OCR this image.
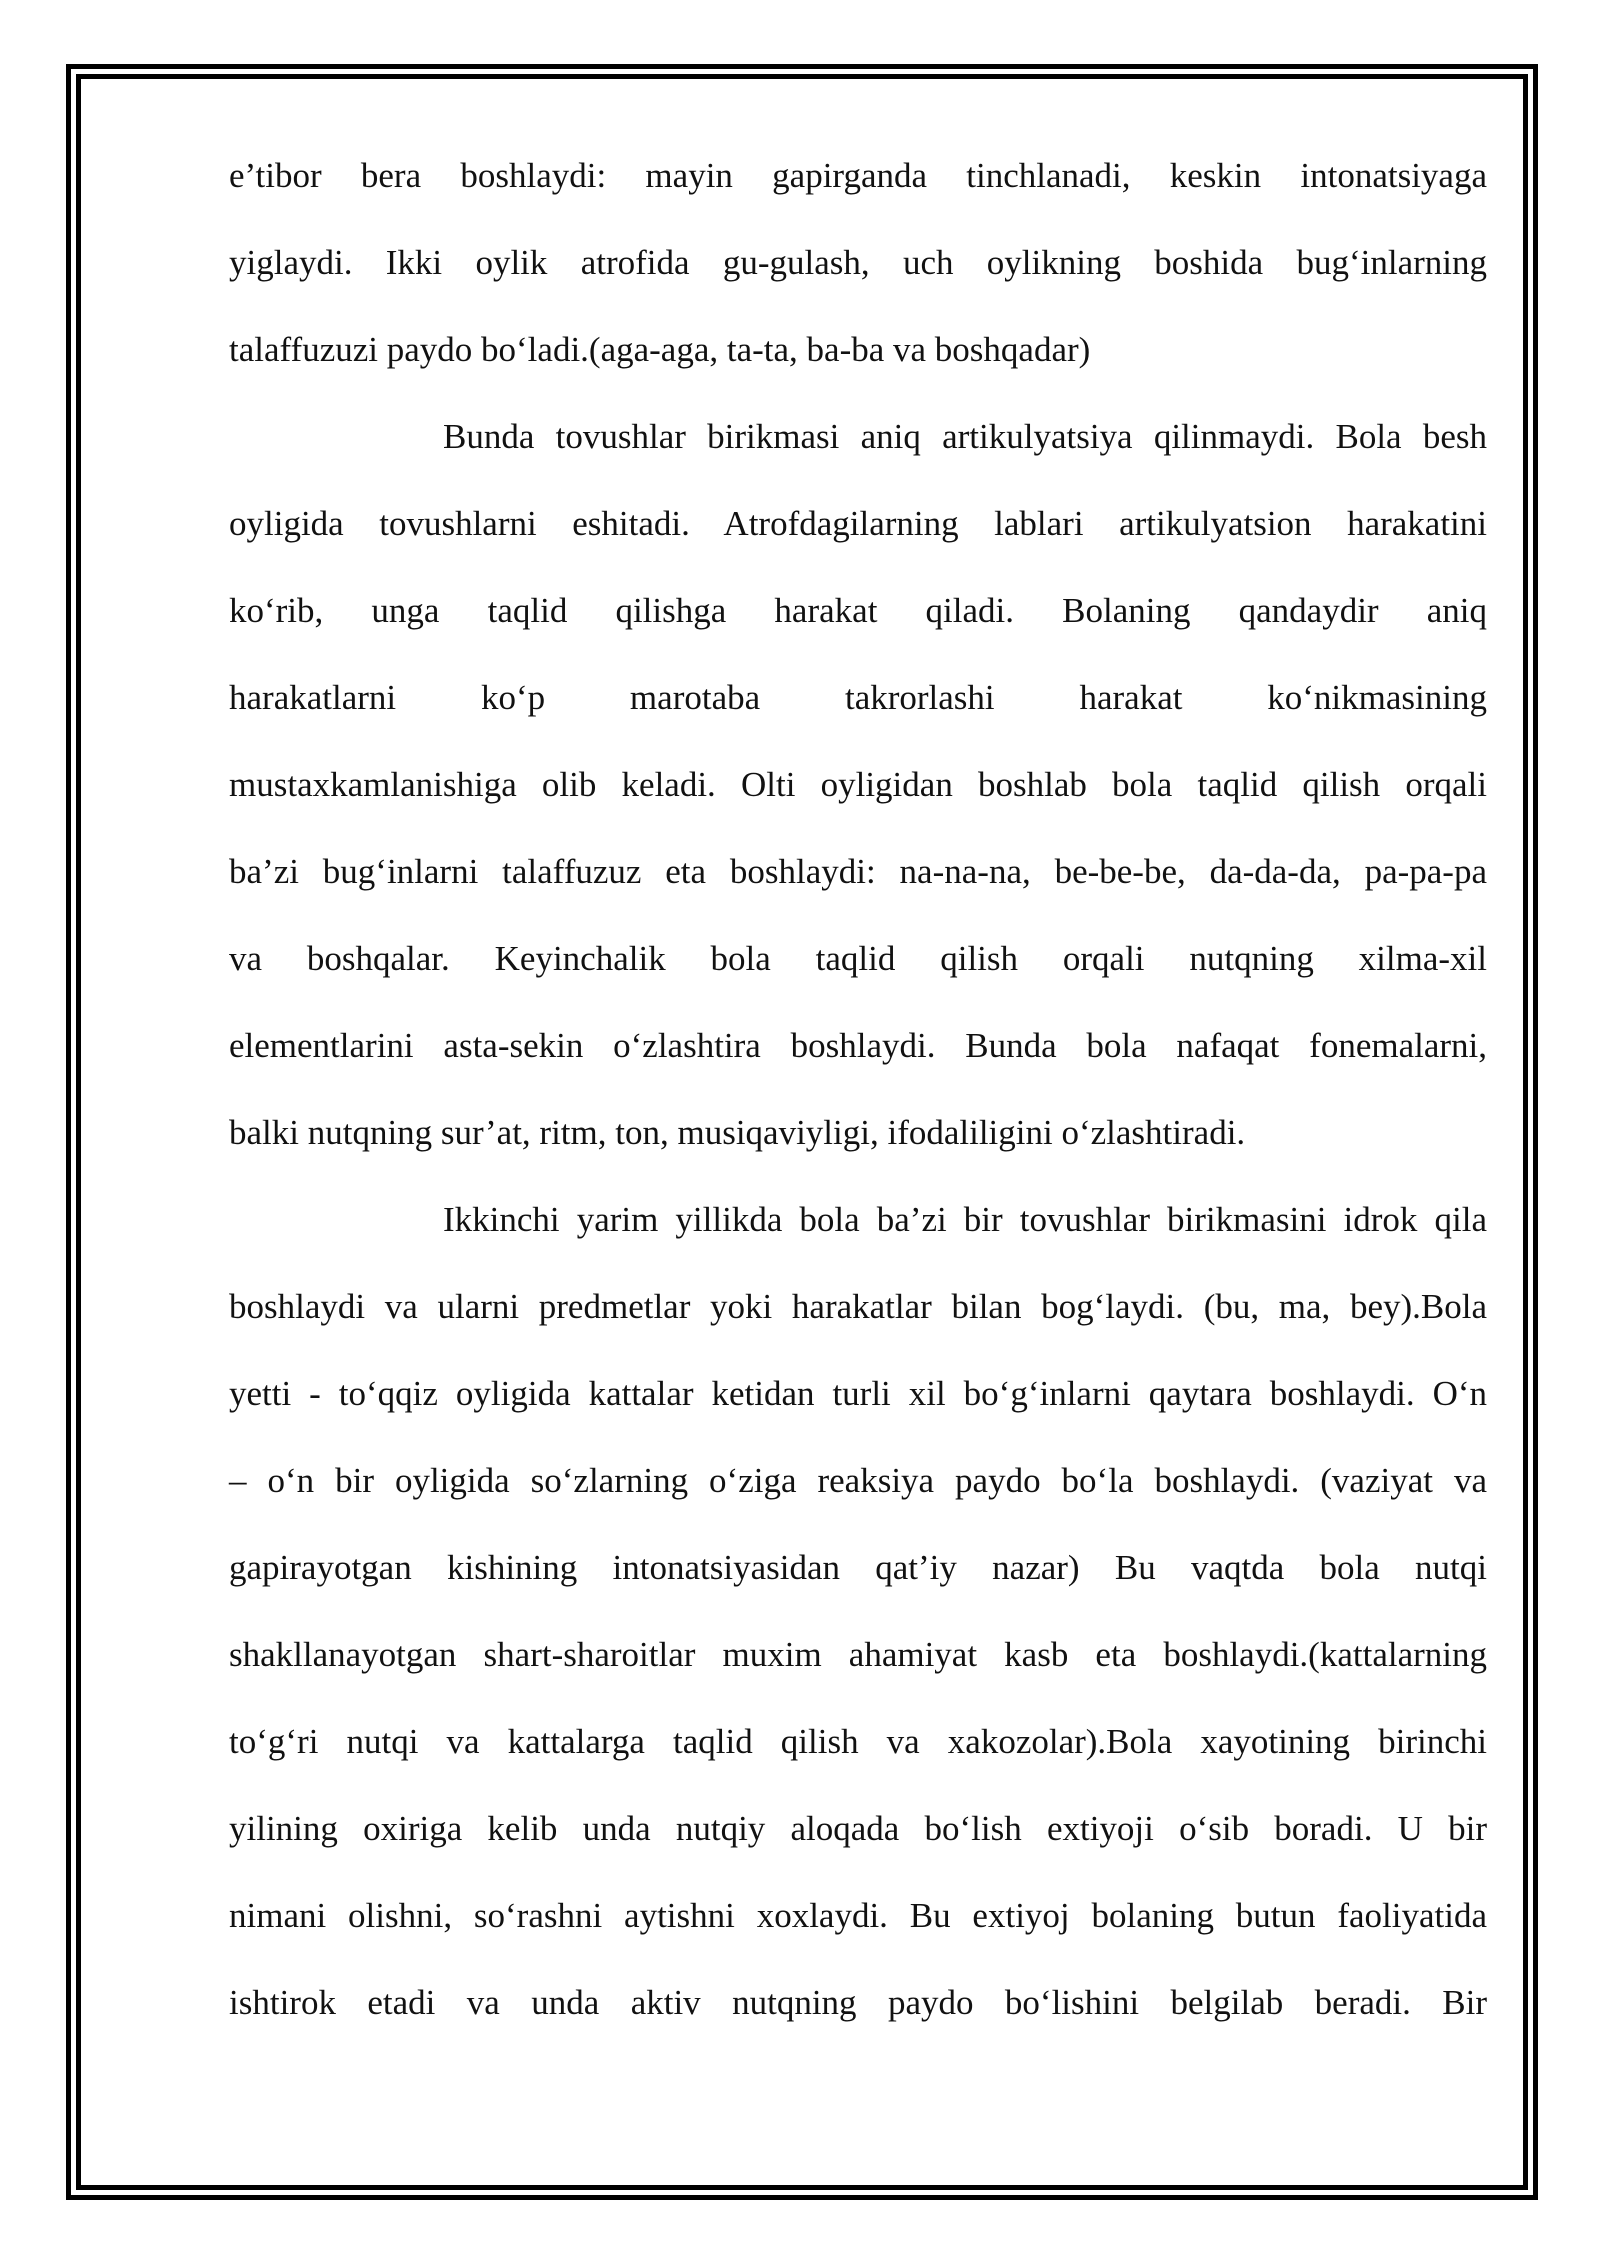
e’tibor bera boshlaydi: mayin gapirganda tinchlanadi, keskin intonatsiyaga
yiglaydi. Ikki oylik atrofida gu-gulash, uch oylikning boshida bug‘inlarning
talaffuzuzi paydo bo‘ladi.(aga-aga, ta-ta, ba-ba va boshqadar)
Bunda tovushlar birikmasi aniq artikulyatsiya qilinmaydi. Bola besh
oyligida tovushlarni eshitadi. Atrofdagilarning lablari artikulyatsion harakatini
ko‘rib, unga taqlid qilishga harakat qiladi. Bolaning qandaydir aniq
harakatlarni ko‘p marotaba takrorlashi harakat ko‘nikmasining
mustaxkamlanishiga olib keladi. Olti oyligidan boshlab bola taqlid qilish orqali
ba’zi bug‘inlarni talaffuzuz eta boshlaydi: na-na-na, be-be-be, da-da-da, pa-pa-pa
va boshqalar. Keyinchalik bola taqlid qilish orqali nutqning xilma-xil
elementlarini asta-sekin o‘zlashtira boshlaydi. Bunda bola nafaqat fonemalarni,
balki nutqning sur’at, ritm, ton, musiqaviyligi, ifodaliligini o‘zlashtiradi.
Ikkinchi yarim yillikda bola ba’zi bir tovushlar birikmasini idrok qila
boshlaydi va ularni predmetlar yoki harakatlar bilan bog‘laydi. (bu, ma, bey).Bola
yetti - to‘qqiz oyligida kattalar ketidan turli xil bo‘g‘inlarni qaytara boshlaydi. O‘n
– o‘n bir oyligida so‘zlarning o‘ziga reaksiya paydo bo‘la boshlaydi. (vaziyat va
gapirayotgan kishining intonatsiyasidan qat’iy nazar) Bu vaqtda bola nutqi
shakllanayotgan shart-sharoitlar muxim ahamiyat kasb eta boshlaydi.(kattalarning
to‘g‘ri nutqi va kattalarga taqlid qilish va xakozolar).Bola xayotining birinchi
yilining oxiriga kelib unda nutqiy aloqada bo‘lish extiyoji o‘sib boradi. U bir
nimani olishni, so‘rashni aytishni xoxlaydi. Bu extiyoj bolaning butun faoliyatida
ishtirok etadi va unda aktiv nutqning paydo bo‘lishini belgilab beradi. Bir
